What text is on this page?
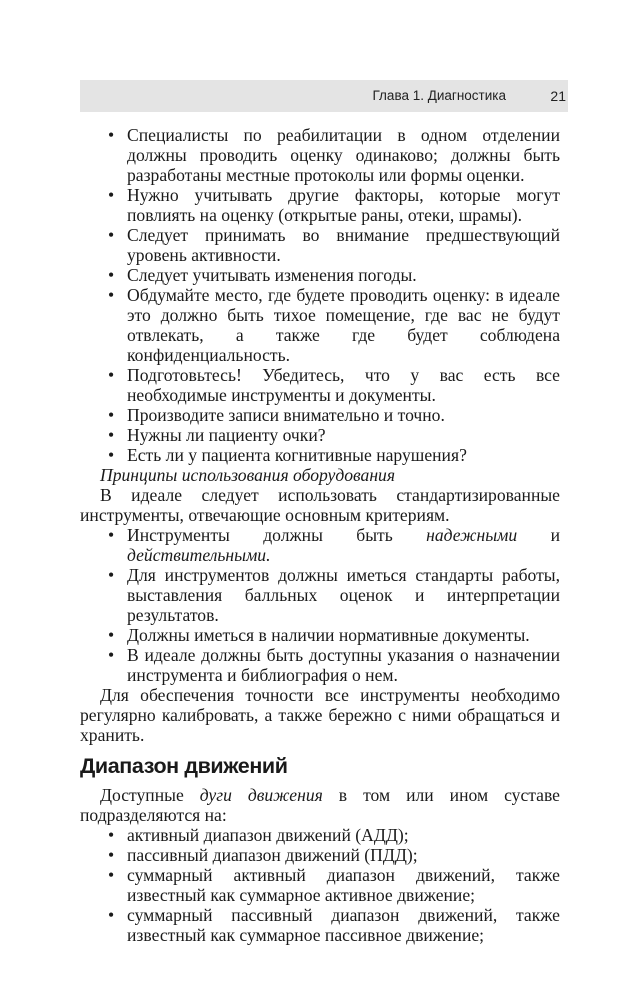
Глава 1. Диагностика	21
• Специалисты по реабилитации в одном отделении должны проводить оценку одинаково; должны быть разработаны местные протоколы или формы оценки.
• Нужно учитывать другие факторы, которые могут повлиять на оценку (открытые раны, отеки, шрамы).
• Следует принимать во внимание предшествующий уровень активности.
• Следует учитывать изменения погоды.
• Обдумайте место, где будете проводить оценку: в идеале это должно быть тихое помещение, где вас не будут отвлекать, а также где будет соблюдена конфиденциальность.
• Подготовьтесь! Убедитесь, что у вас есть все необходимые инструменты и документы.
• Производите записи внимательно и точно.
• Нужны ли пациенту очки?
• Есть ли у пациента когнитивные нарушения?
Принципы использования оборудования
В идеале следует использовать стандартизированные инструменты, отвечающие основным критериям.
• Инструменты должны быть надежными и действительными.
• Для инструментов должны иметься стандарты работы, выставления балльных оценок и интерпретации результатов.
• Должны иметься в наличии нормативные документы.
• В идеале должны быть доступны указания о назначении инструмента и библиография о нем.
Для обеспечения точности все инструменты необходимо регулярно калибровать, а также бережно с ними обращаться и хранить.
Диапазон движений
Доступные дуги движения в том или ином суставе подразделяются на:
• активный диапазон движений (АДД);
• пассивный диапазон движений (ПДД);
• суммарный активный диапазон движений, также известный как суммарное активное движение;
• суммарный пассивный диапазон движений, также известный как суммарное пассивное движение;
